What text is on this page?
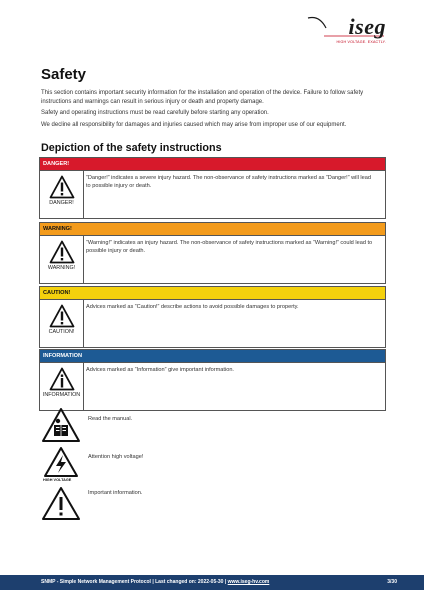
iseg
HIGH VOLTAGE. EXACTLY.
Safety

This section contains important security information for the installation and operation of the device. Failure to follow safety instructions and warnings can result in serious injury or death and property damage.

Safety and operating instructions must be read carefully before starting any operation.

We decline all responsibility for damages and injuries caused which may arise from improper use of our equipment.

Depiction of the safety instructions
DANGER!
DANGER!
“Danger!” indicates a severe injury hazard. The non-observance of safety instructions marked as “Danger!” will lead to possible injury or death.
WARNING!
WARNING!
“Warning!” indicates an injury hazard. The non-observance of safety instructions marked as “Warning!” could lead to possible injury or death.
CAUTION!
CAUTION!
Advices marked as “Caution!” describe actions to avoid possible damages to property.
INFORMATION
INFORMATION
Advices marked as “Information” give important information.
Read the manual.
HIGH VOLTAGE
Attention high voltage!
Important information.
SNMP - Simple Network Management Protocol | Last changed on: 2022-05-30 | www.iseg-hv.com	3/30
